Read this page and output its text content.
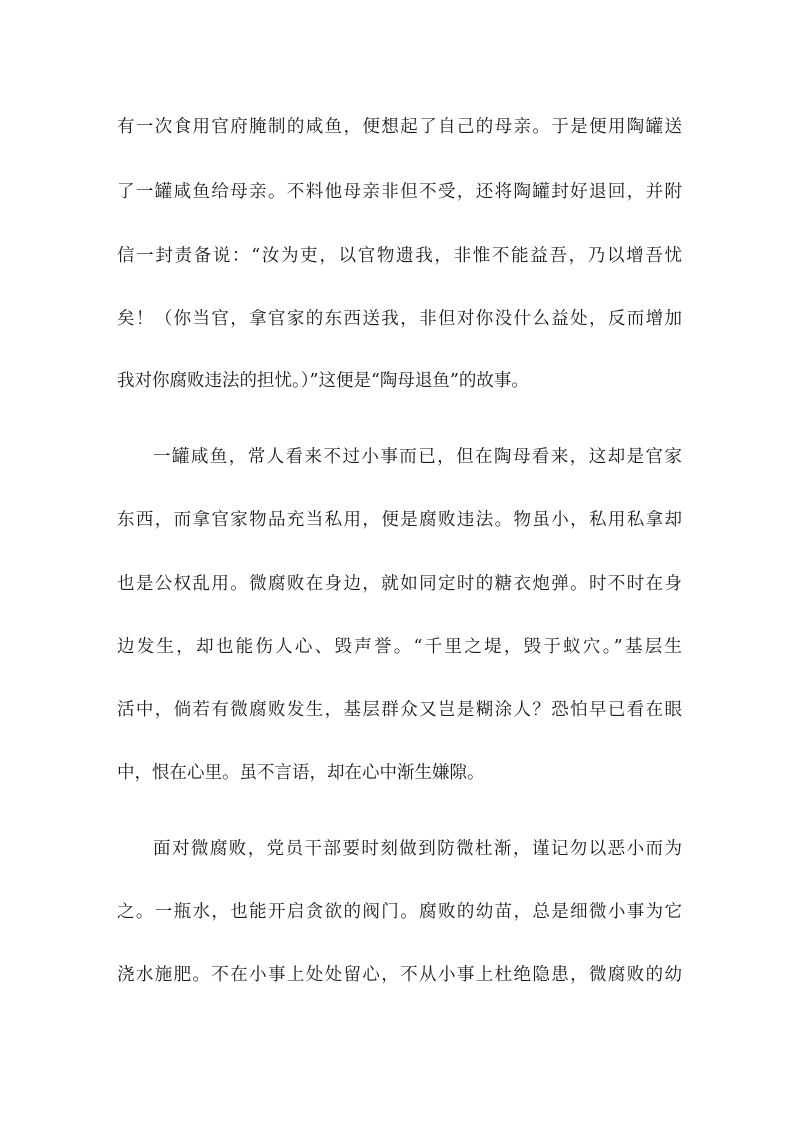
有一次食用官府腌制的咸鱼，便想起了自己的母亲。于是便用陶罐送

了一罐咸鱼给母亲。不料他母亲非但不受，还将陶罐封好退回，并附

信一封责备说：“汝为吏，以官物遗我，非惟不能益吾，乃以增吾忧

矣！（你当官，拿官家的东西送我，非但对你没什么益处，反而增加

我对你腐败违法的担忧。）”这便是“陶母退鱼”的故事。

一罐咸鱼，常人看来不过小事而已，但在陶母看来，这却是官家

东西，而拿官家物品充当私用，便是腐败违法。物虽小，私用私拿却

也是公权乱用。微腐败在身边，就如同定时的糖衣炮弹。时不时在身

边发生，却也能伤人心、毁声誉。“千里之堤，毁于蚁穴。”基层生

活中，倘若有微腐败发生，基层群众又岂是糊涂人？恐怕早已看在眼

中，恨在心里。虽不言语，却在心中渐生嫌隙。

面对微腐败，党员干部要时刻做到防微杜渐，谨记勿以恶小而为

之。一瓶水，也能开启贪欲的阀门。腐败的幼苗，总是细微小事为它

浇水施肥。不在小事上处处留心，不从小事上杜绝隐患，微腐败的幼
